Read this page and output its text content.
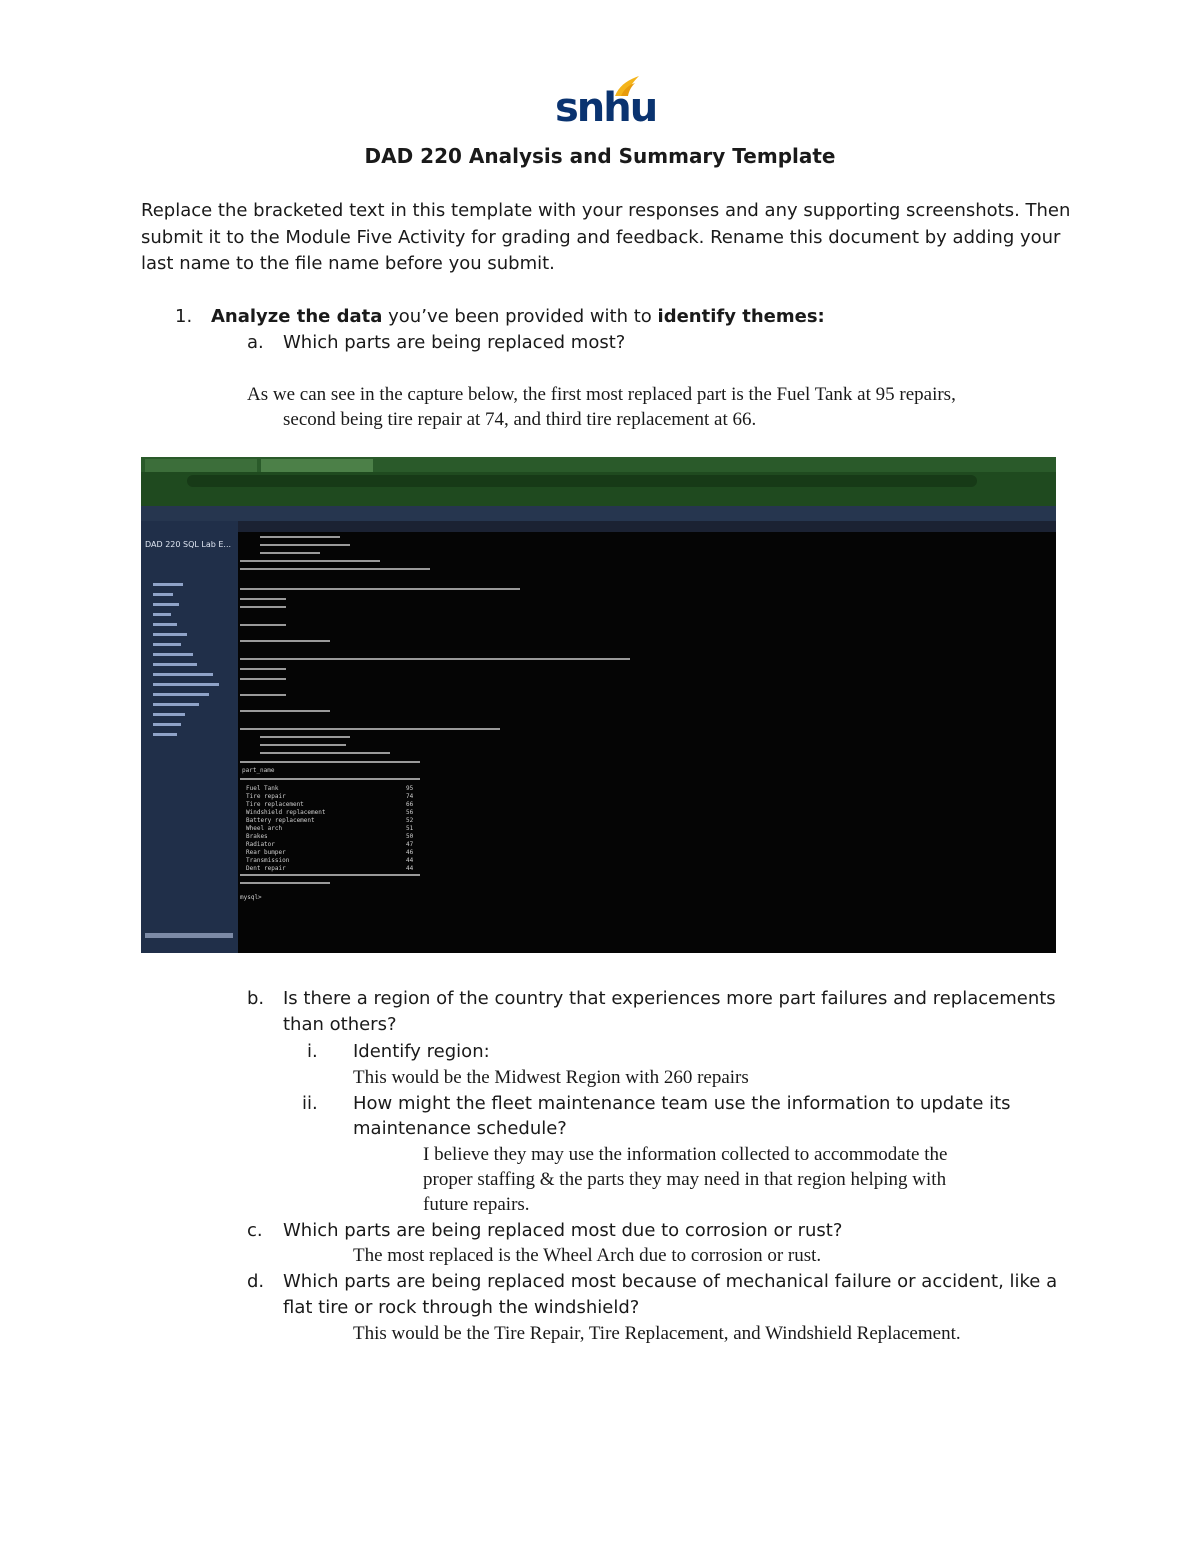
snhu
DAD 220 Analysis and Summary Template
Replace the bracketed text in this template with your responses and any supporting screenshots. Then
submit it to the Module Five Activity for grading and feedback. Rename this document by adding your
last name to the file name before you submit.
1. Analyze the data you’ve been provided with to identify themes:
a. Which parts are being replaced most?
As we can see in the capture below, the first most replaced part is the Fuel Tank at 95 repairs,
second being tire repair at 74, and third tire replacement at 66.
DAD 220 SQL Lab E...
part_name
Fuel Tank	95
Tire repair	74
Tire replacement	66
Windshield replacement	56
Battery replacement	52
Wheel arch	51
Brakes	50
Radiator	47
Rear bumper	46
Transmission	44
Dent repair	44
mysql>
b. Is there a region of the country that experiences more part failures and replacements
than others?
i. Identify region:
This would be the Midwest Region with 260 repairs
ii. How might the fleet maintenance team use the information to update its
maintenance schedule?
I believe they may use the information collected to accommodate the
proper staffing & the parts they may need in that region helping with
future repairs.
c. Which parts are being replaced most due to corrosion or rust?
The most replaced is the Wheel Arch due to corrosion or rust.
d. Which parts are being replaced most because of mechanical failure or accident, like a
flat tire or rock through the windshield?
This would be the Tire Repair, Tire Replacement, and Windshield Replacement.
